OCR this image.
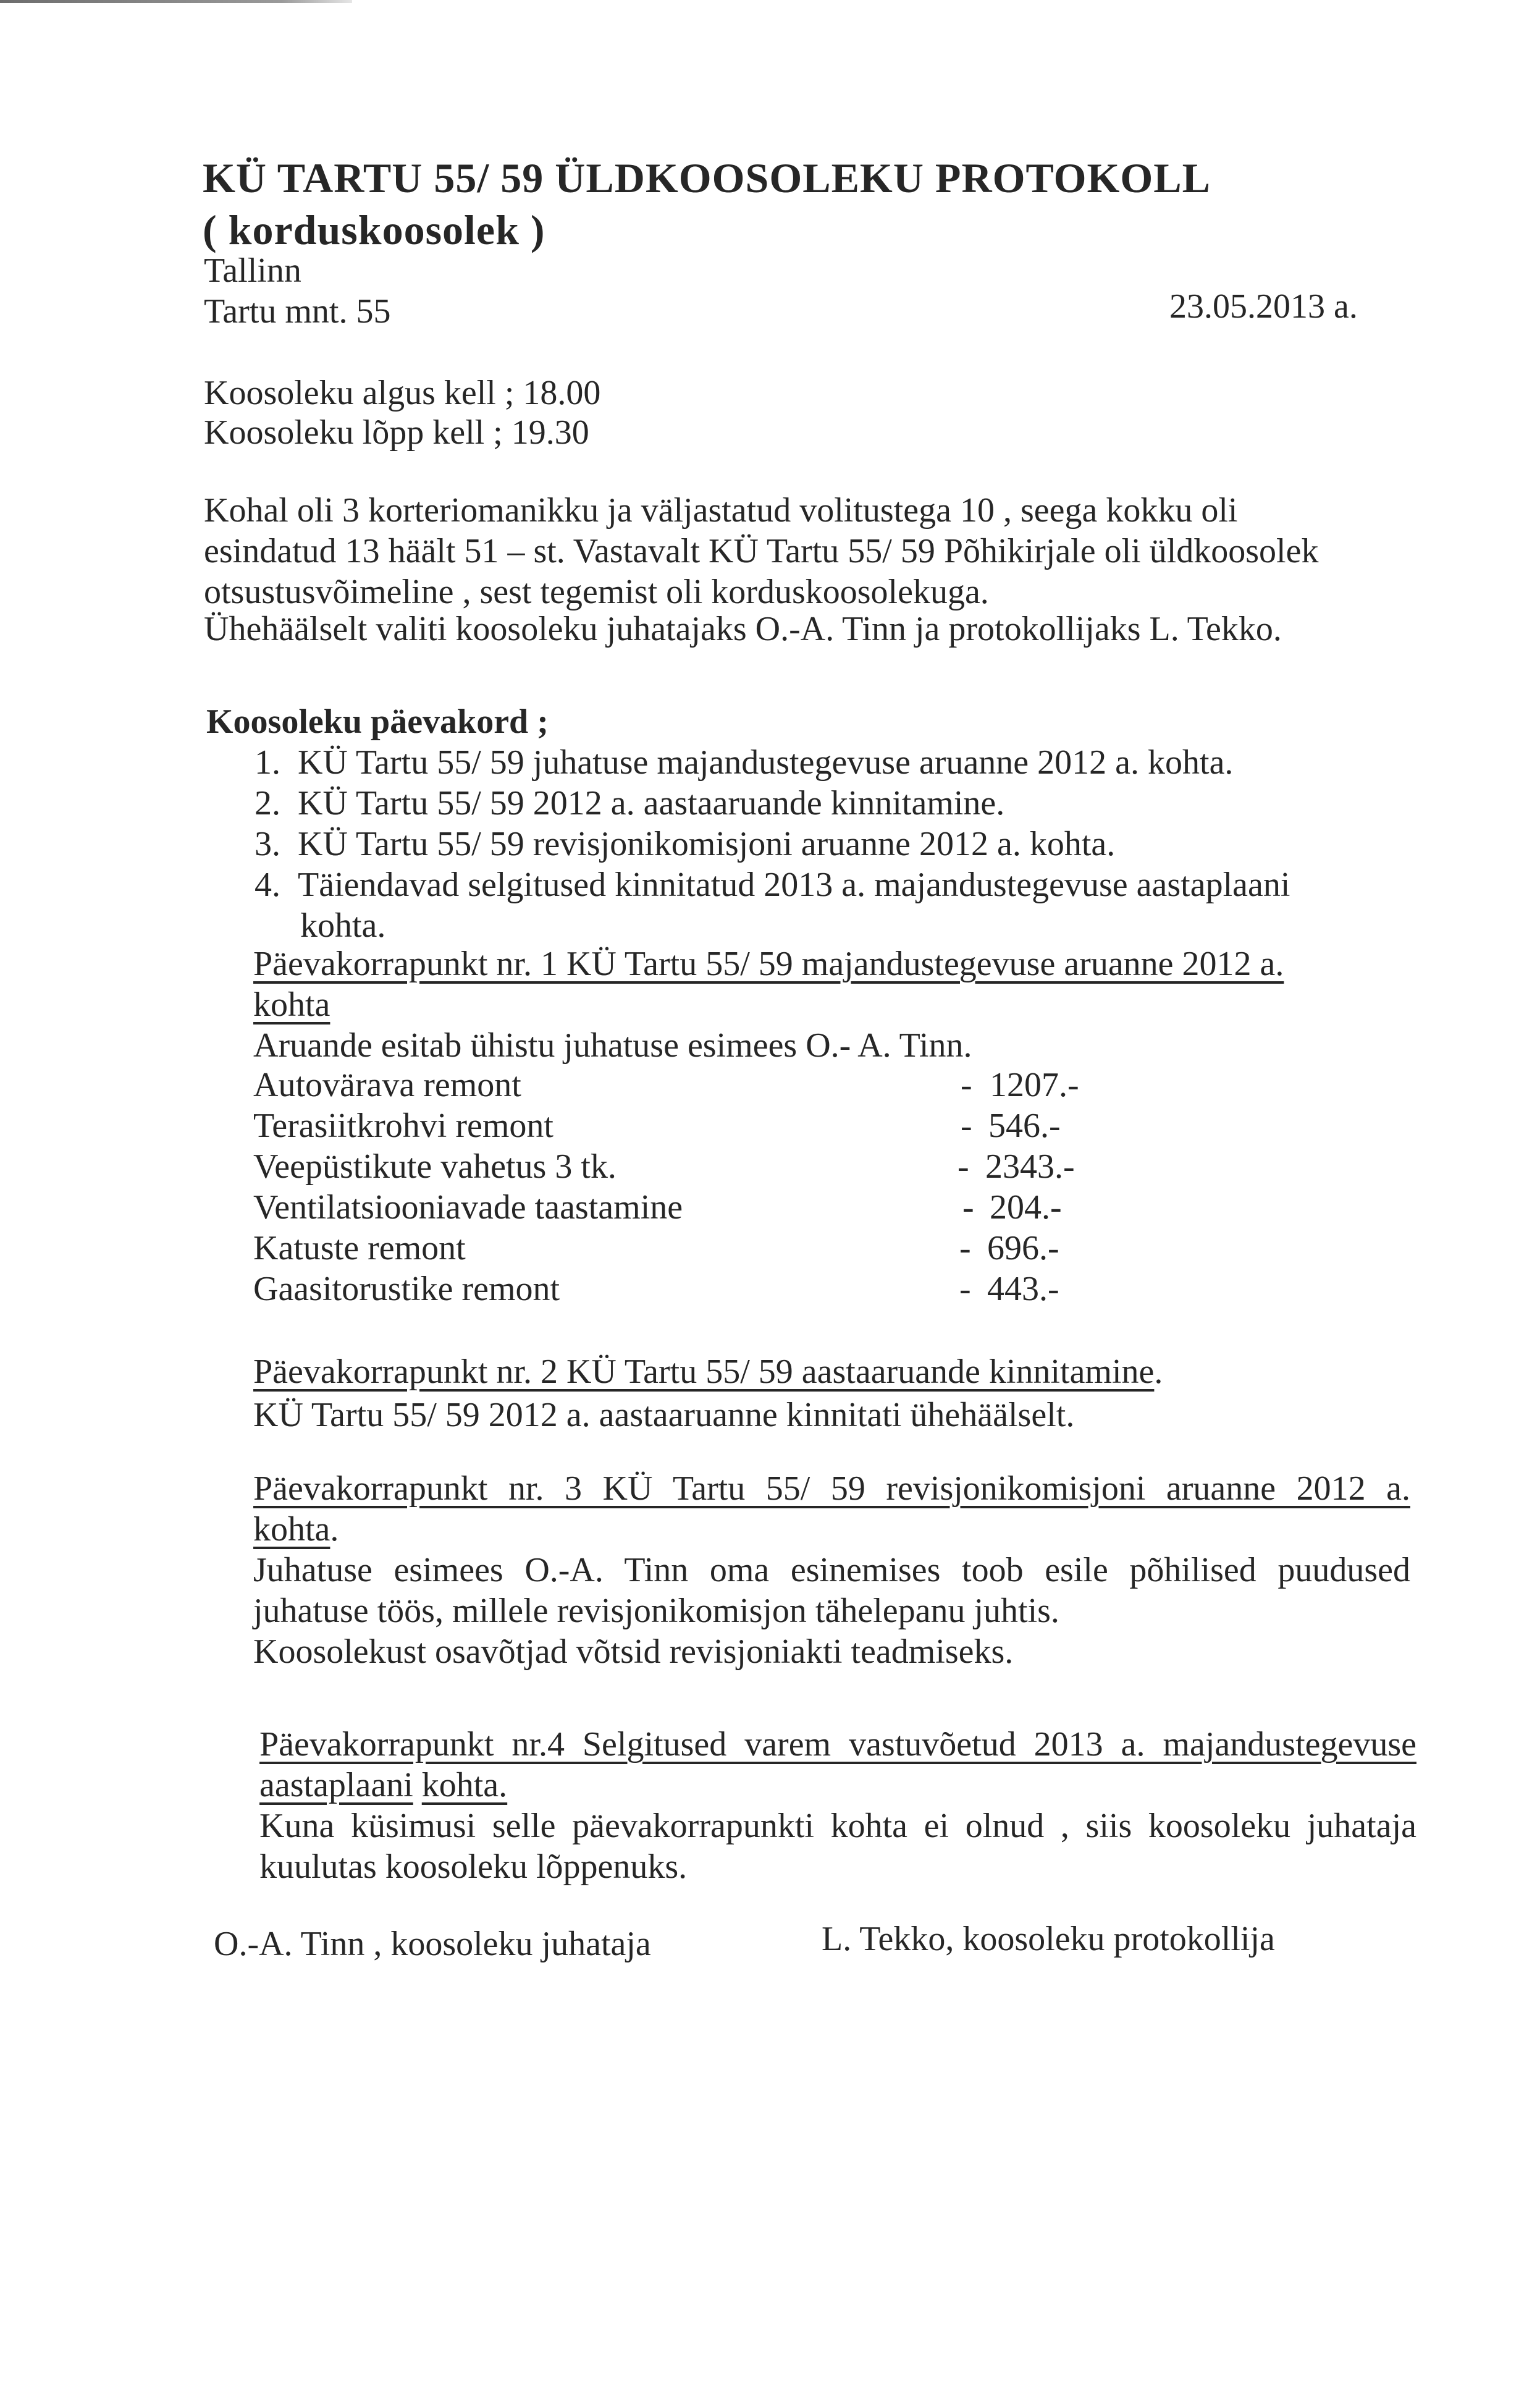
KÜ TARTU 55/ 59 ÜLDKOOSOLEKU PROTOKOLL
( korduskoosolek )
Tallinn
Tartu mnt. 55	23.05.2013 a.
Koosoleku algus kell ; 18.00
Koosoleku lõpp kell ; 19.30
Kohal oli 3 korteriomanikku ja väljastatud volitustega 10 , seega kokku oli
esindatud 13 häält 51 – st. Vastavalt KÜ Tartu 55/ 59 Põhikirjale oli üldkoosolek
otsustusvõimeline , sest tegemist oli korduskoosolekuga.
Ühehäälselt valiti koosoleku juhatajaks O.-A. Tinn ja protokollijaks L. Tekko.
Koosoleku päevakord ;
1. KÜ Tartu 55/ 59 juhatuse majandustegevuse aruanne 2012 a. kohta.
2. KÜ Tartu 55/ 59 2012 a. aastaaruande kinnitamine.
3. KÜ Tartu 55/ 59 revisjonikomisjoni aruanne 2012 a. kohta.
4. Täiendavad selgitused kinnitatud 2013 a. majandustegevuse aastaplaani
kohta.
Päevakorrapunkt nr. 1 KÜ Tartu 55/ 59 majandustegevuse aruanne 2012 a.
kohta
Aruande esitab ühistu juhatuse esimees O.- A. Tinn.
Autovärava remont	- 1207.-
Terasiitkrohvi remont	- 546.-
Veepüstikute vahetus 3 tk.	- 2343.-
Ventilatsiooniavade taastamine	- 204.-
Katuste remont	- 696.-
Gaasitorustike remont	- 443.-
Päevakorrapunkt nr. 2 KÜ Tartu 55/ 59 aastaaruande kinnitamine.
KÜ Tartu 55/ 59 2012 a. aastaaruanne kinnitati ühehäälselt.
Päevakorrapunkt nr. 3 KÜ Tartu 55/ 59 revisjonikomisjoni aruanne 2012 a.
kohta.
Juhatuse esimees O.-A. Tinn oma esinemises toob esile põhilised puudused
juhatuse töös, millele revisjonikomisjon tähelepanu juhtis.
Koosolekust osavõtjad võtsid revisjoniakti teadmiseks.
Päevakorrapunkt nr.4 Selgitused varem vastuvõetud 2013 a. majandustegevuse
aastaplaani kohta.
Kuna küsimusi selle päevakorrapunkti kohta ei olnud , siis koosoleku juhataja
kuulutas koosoleku lõppenuks.
O.-A. Tinn , koosoleku juhataja	L. Tekko, koosoleku protokollija
